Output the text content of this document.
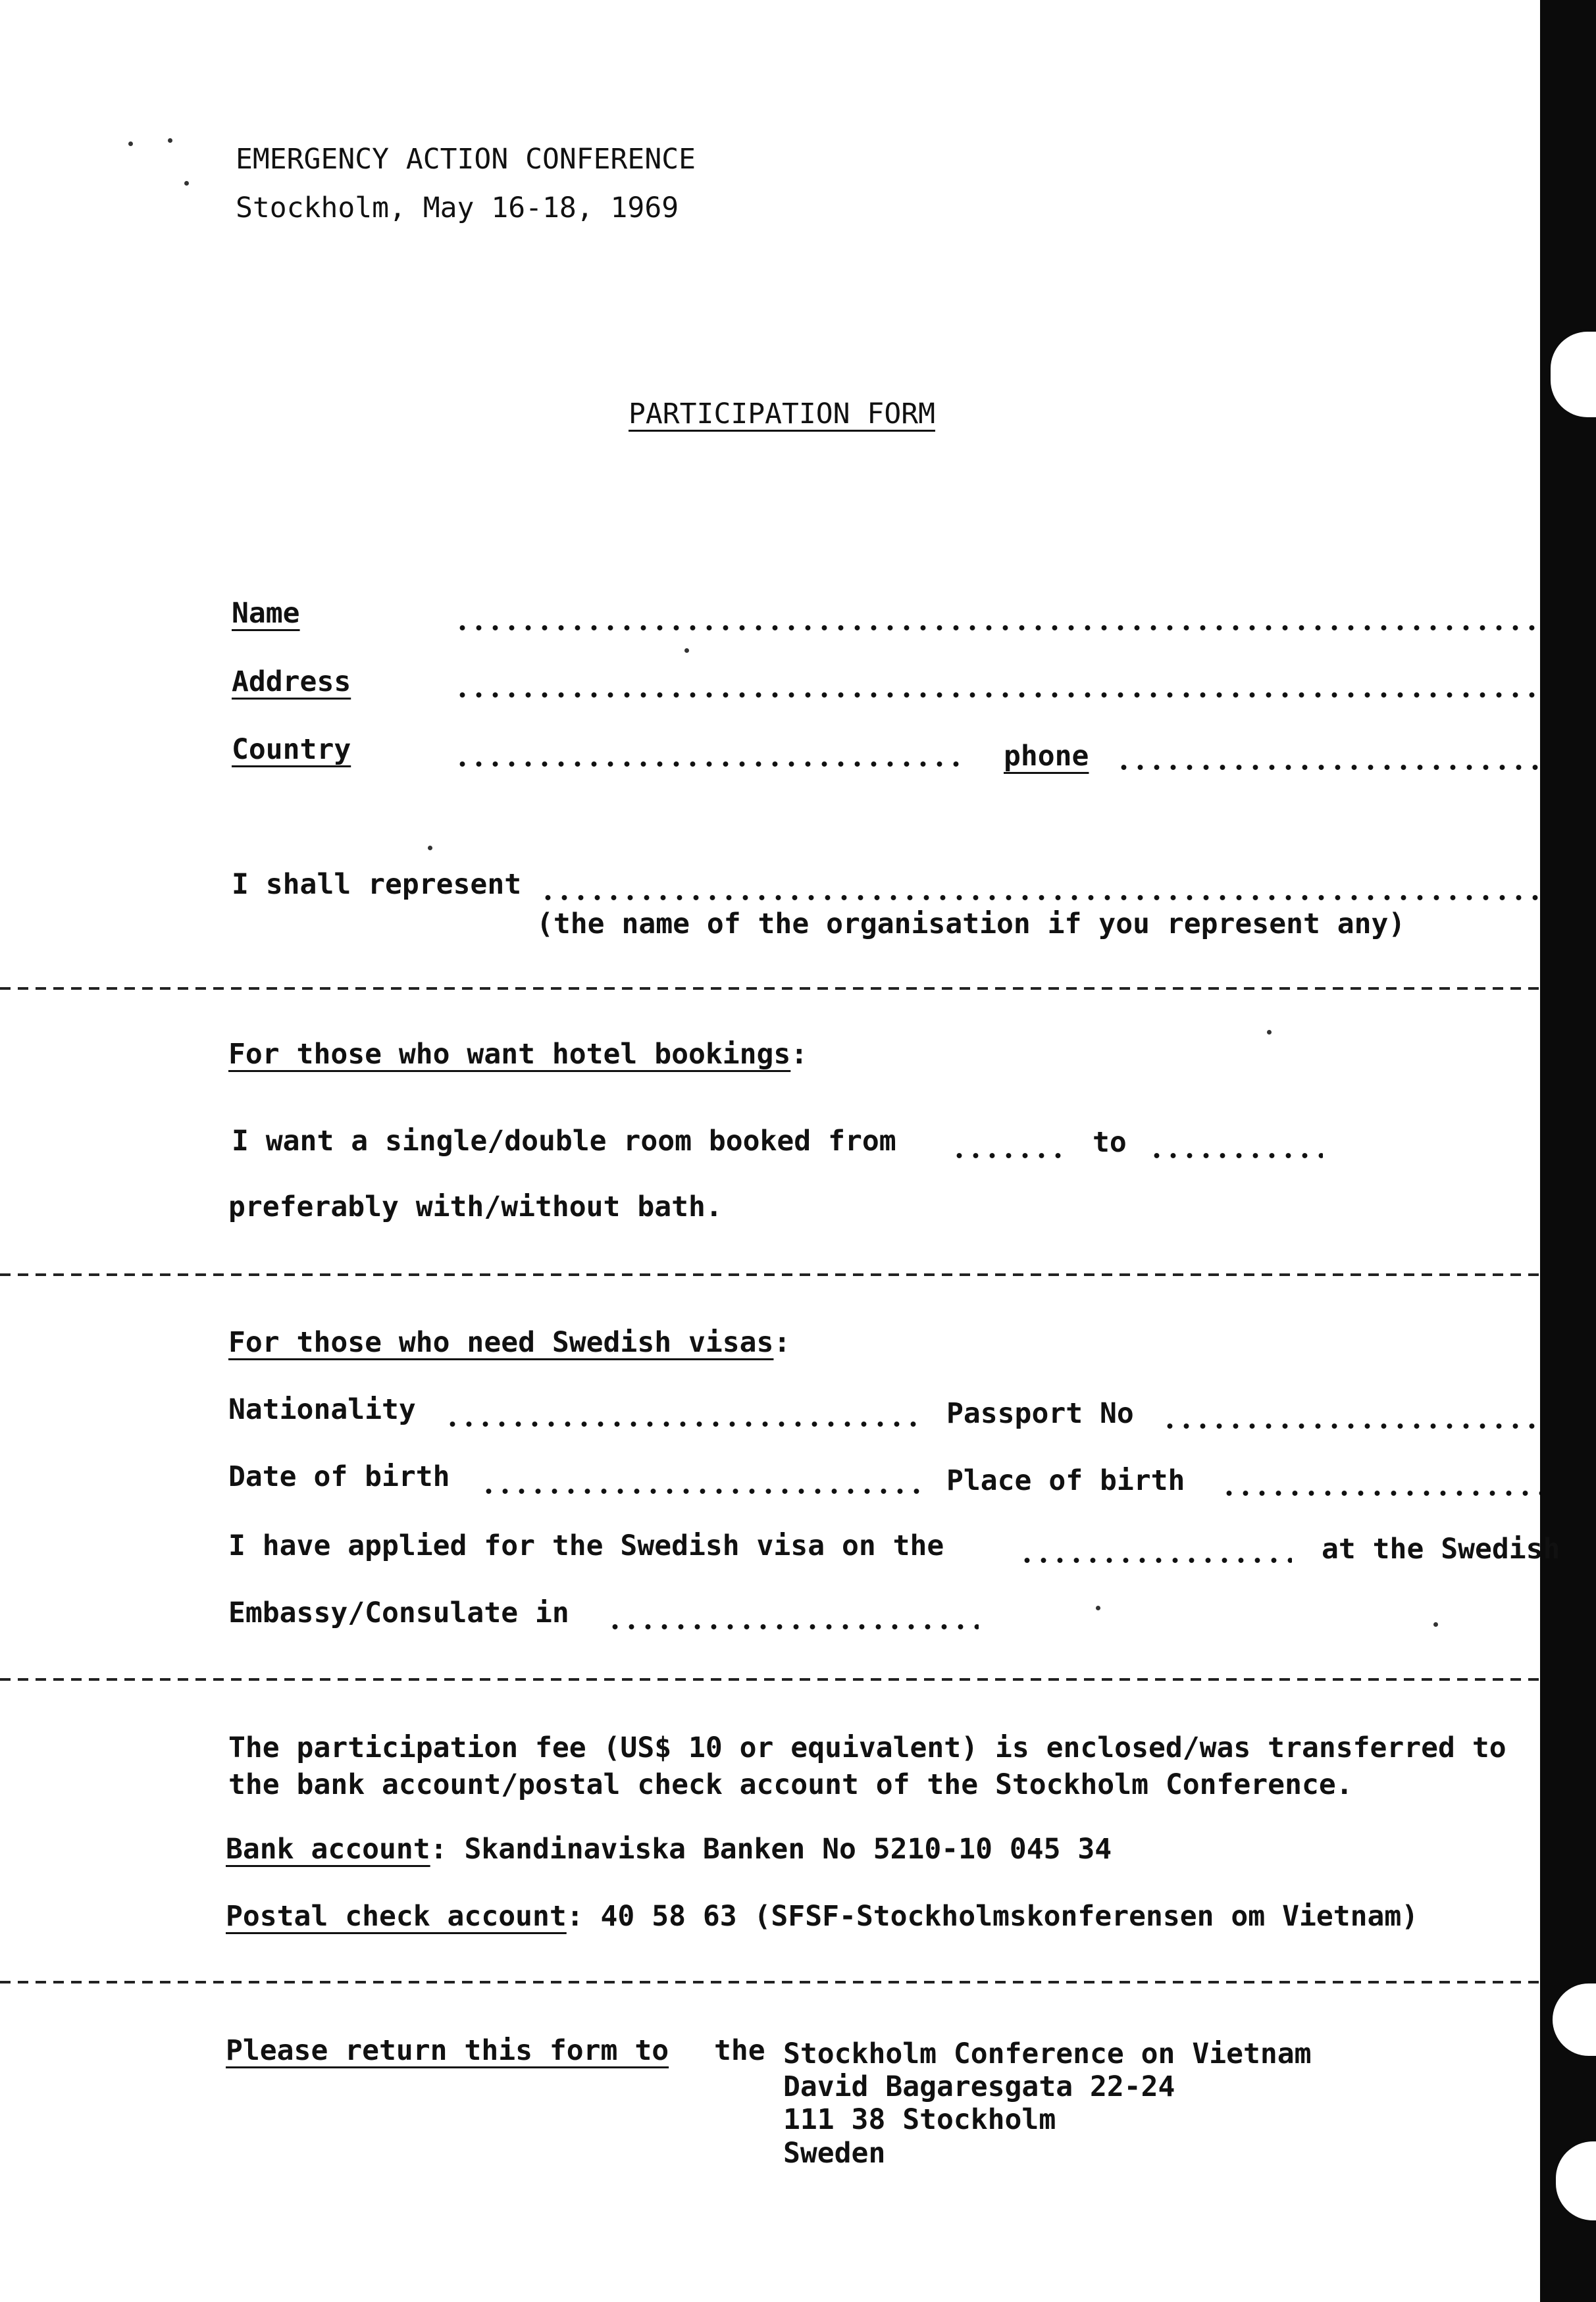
EMERGENCY ACTION CONFERENCE
Stockholm, May 16-18, 1969
PARTICIPATION FORM
Name
Address
Country	phone
I shall represent
(the name of the organisation if you represent any)
For those who want hotel bookings:
I want a single/double room booked from	to
preferably with/without bath.
For those who need Swedish visas:
Nationality	Passport No
Date of birth	Place of birth
I have applied for the Swedish visa on the	at the Swedish
Embassy/Consulate in
The participation fee (US$ 10 or equivalent) is enclosed/was transferred to
the bank account/postal check account of the Stockholm Conference.
Bank account: Skandinaviska Banken No 5210-10 045 34
Postal check account: 40 58 63 (SFSF-Stockholmskonferensen om Vietnam)
Please return this form to the Stockholm Conference on Vietnam
David Bagaresgata 22-24
111 38 Stockholm
Sweden
